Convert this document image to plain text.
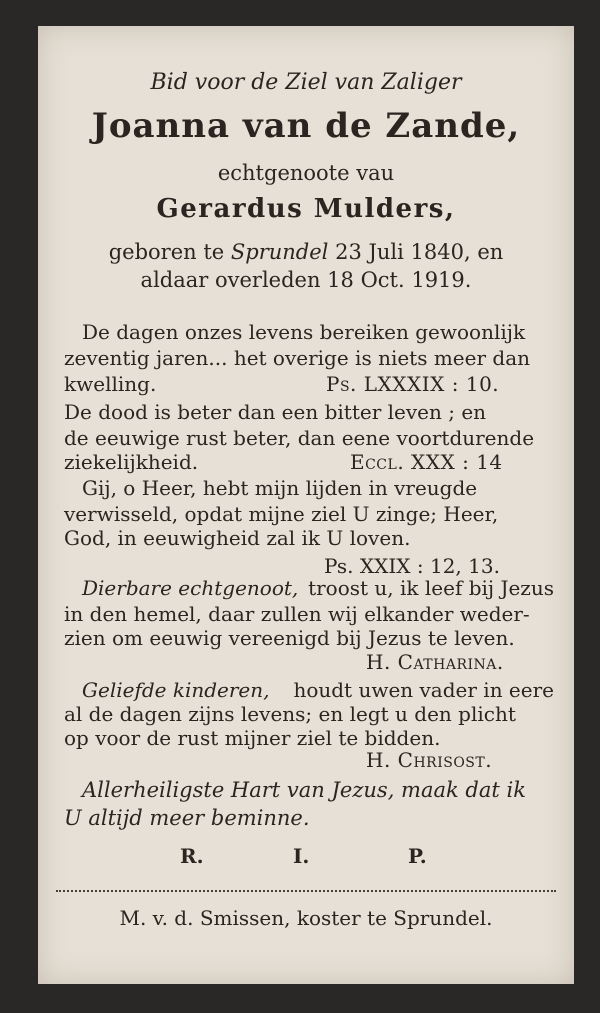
Bid voor de Ziel van Zaliger
Joanna van de Zande,
echtgenoote vau
Gerardus Mulders,
geboren te Sprundel 23 Juli 1840, en
aldaar overleden 18 Oct. 1919.
De dagen onzes levens bereiken gewoonlijk
zeventig jaren... het overige is niets meer dan
kwelling.	Ps. LXXXIX : 10.
De dood is beter dan een bitter leven ; en
de eeuwige rust beter, dan eene voortdurende
ziekelijkheid.	Eccl. XXX : 14
Gij, o Heer, hebt mijn lijden in vreugde
verwisseld, opdat mijne ziel U zinge; Heer,
God, in eeuwigheid zal ik U loven.
Ps. XXIX : 12, 13.
Dierbare echtgenoot, troost u, ik leef bij Jezus
in den hemel, daar zullen wij elkander weder-
zien om eeuwig vereenigd bij Jezus te leven.
H. Catharina.
Geliefde kinderen, houdt uwen vader in eere
al de dagen zijns levens; en legt u den plicht
op voor de rust mijner ziel te bidden.
H. Chrisost.
Allerheiligste Hart van Jezus, maak dat ik
U altijd meer beminne.
R.	I.	P.
M. v. d. Smissen, koster te Sprundel.
